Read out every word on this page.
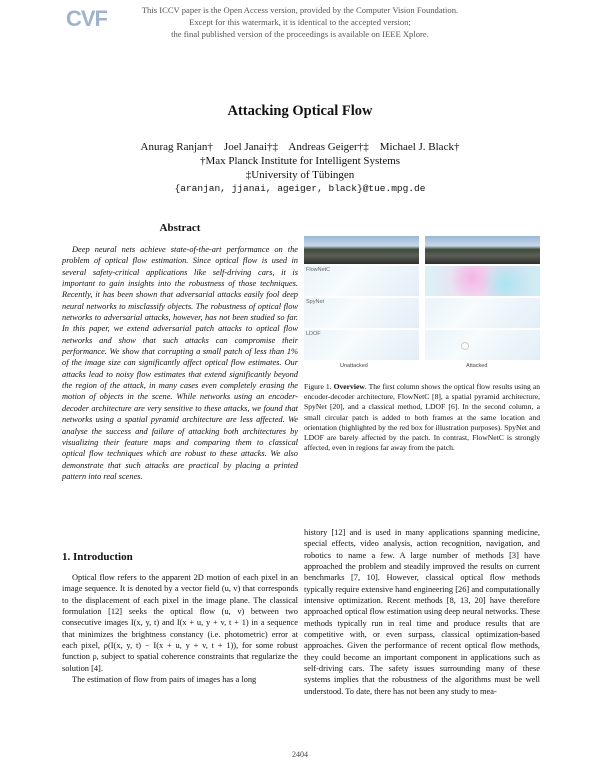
This ICCV paper is the Open Access version, provided by the Computer Vision Foundation.
Except for this watermark, it is identical to the accepted version;
the final published version of the proceedings is available on IEEE Xplore.
CVF
Attacking Optical Flow
Anurag Ranjan†    Joel Janai†‡    Andreas Geiger†‡    Michael J. Black†
†Max Planck Institute for Intelligent Systems
‡University of Tübingen
{aranjan, jjanai, ageiger, black}@tue.mpg.de
Abstract

Deep neural nets achieve state-of-the-art performance on the problem of optical flow estimation. Since optical flow is used in several safety-critical applications like self-driving cars, it is important to gain insights into the robustness of those techniques. Recently, it has been shown that adversarial attacks easily fool deep neural networks to misclassify objects. The robustness of optical flow networks to adversarial attacks, however, has not been studied so far. In this paper, we extend adversarial patch attacks to optical flow networks and show that such attacks can compromise their performance. We show that corrupting a small patch of less than 1% of the image size can significantly affect optical flow estimates. Our attacks lead to noisy flow estimates that extend significantly beyond the region of the attack, in many cases even completely erasing the motion of objects in the scene. While networks using an encoder-decoder architecture are very sensitive to these attacks, we found that networks using a spatial pyramid architecture are less affected. We analyse the success and failure of attacking both architectures by visualizing their feature maps and comparing them to classical optical flow techniques which are robust to these attacks. We also demonstrate that such attacks are practical by placing a printed pattern into real scenes.

FlowNetC
SpyNet
LDOF
Unattacked	Attacked
Figure 1. Overview. The first column shows the optical flow results using an encoder-decoder architecture, FlowNetC [8], a spatial pyramid architecture, SpyNet [20], and a classical method, LDOF [6]. In the second column, a small circular patch is added to both frames at the same location and orientation (highlighted by the red box for illustration purposes). SpyNet and LDOF are barely affected by the patch. In contrast, FlowNetC is strongly affected, even in regions far away from the patch.

history [12] and is used in many applications spanning medicine, special effects, video analysis, action recognition, navigation, and robotics to name a few. A large number of methods [3] have approached the problem and steadily improved the results on current benchmarks [7, 10]. However, classical optical flow methods typically require extensive hand engineering [26] and computationally intensive optimization. Recent methods [8, 13, 20] have therefore approached optical flow estimation using deep neural networks. These methods typically run in real time and produce results that are competitive with, or even surpass, classical optimization-based approaches. Given the performance of recent optical flow methods, they could become an important component in applications such as self-driving cars. The safety issues surrounding many of these systems implies that the robustness of the algorithms must be well understood. To date, there has not been any study to mea-

1. Introduction

Optical flow refers to the apparent 2D motion of each pixel in an image sequence. It is denoted by a vector field (u, v) that corresponds to the displacement of each pixel in the image plane. The classical formulation [12] seeks the optical flow (u, v) between two consecutive images I(x, y, t) and I(x + u, y + v, t + 1) in a sequence that minimizes the brightness constancy (i.e. photometric) error at each pixel, ρ(I(x, y, t) − I(x + u, y + v, t + 1)), for some robust function ρ, subject to spatial coherence constraints that regularize the solution [4].

The estimation of flow from pairs of images has a long

2404
